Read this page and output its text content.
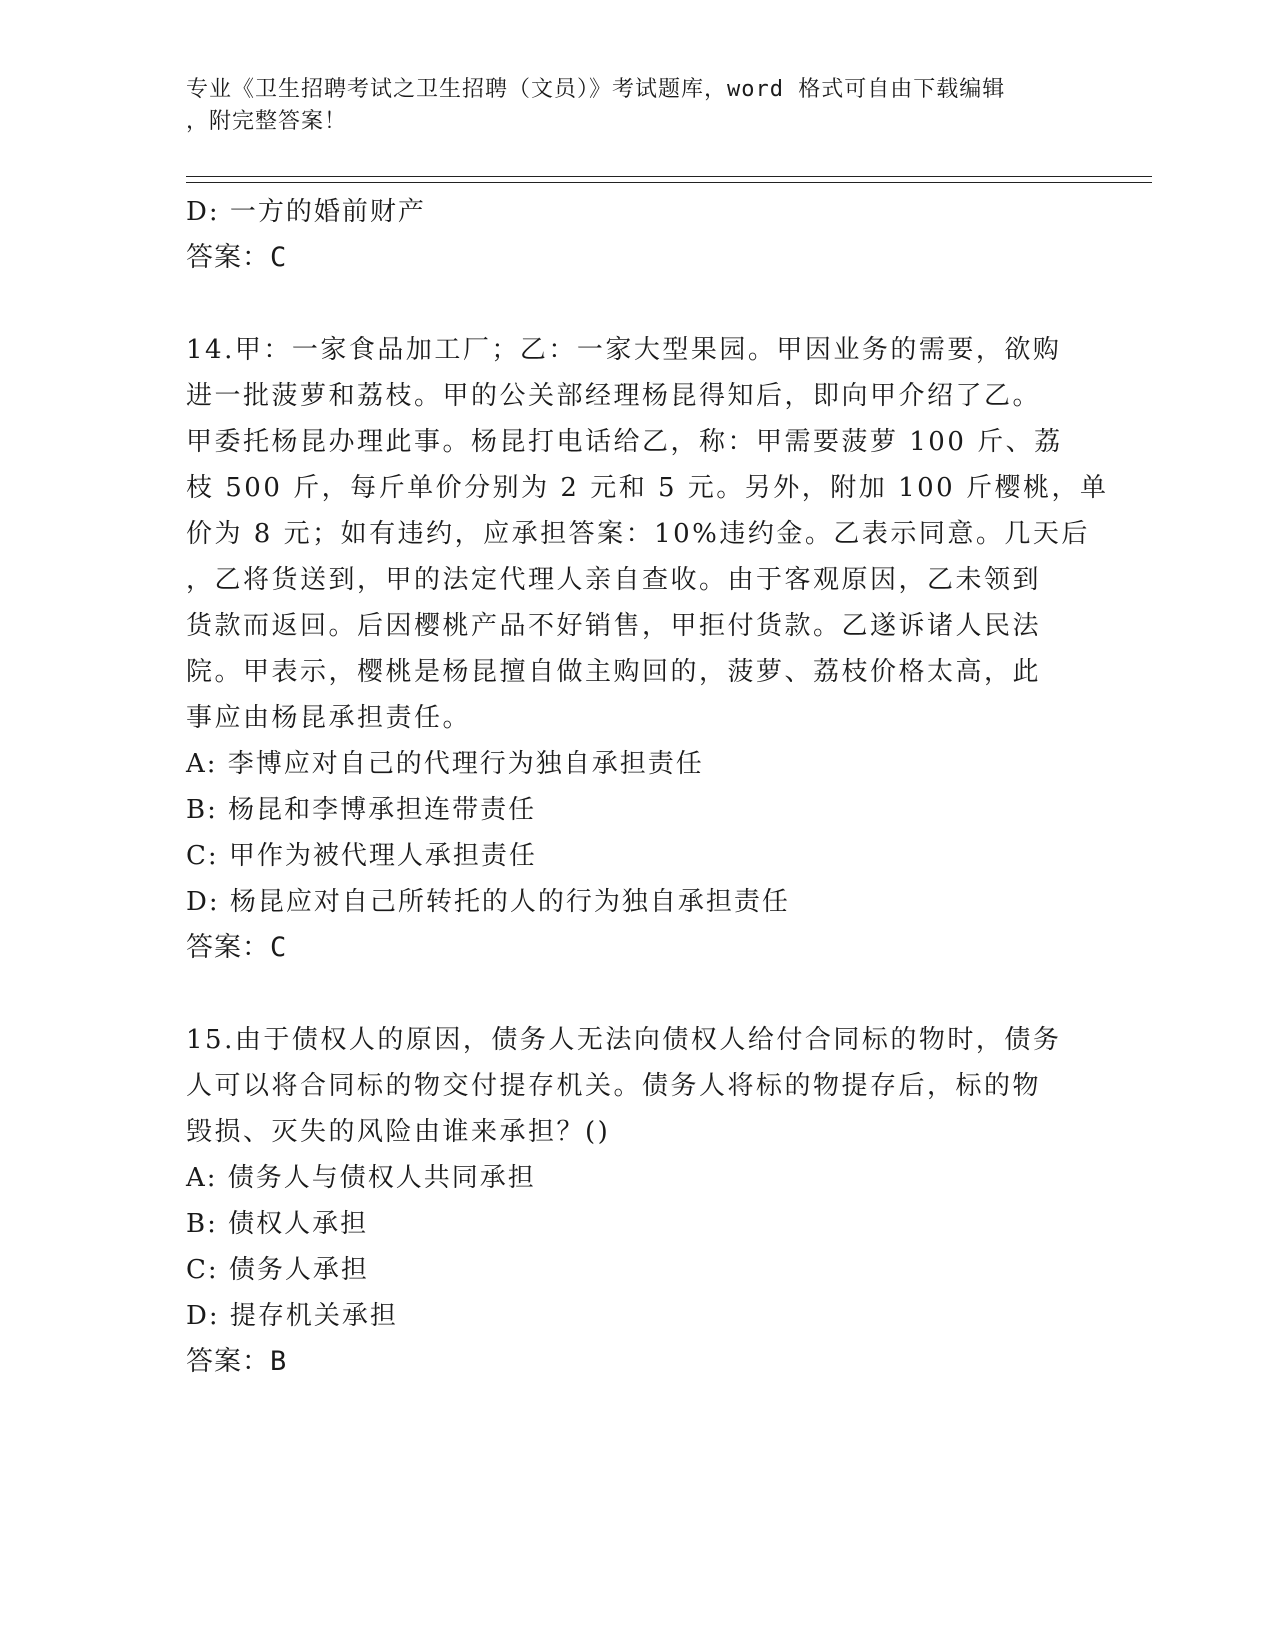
专业《卫生招聘考试之卫生招聘（文员）》考试题库，word 格式可自由下载编辑
，附完整答案！
D: 一方的婚前财产
答案：C
14.甲：一家食品加工厂；乙：一家大型果园。甲因业务的需要，欲购
进一批菠萝和荔枝。甲的公关部经理杨昆得知后，即向甲介绍了乙。
甲委托杨昆办理此事。杨昆打电话给乙，称：甲需要菠萝 100 斤、荔
枝 500 斤，每斤单价分别为 2 元和 5 元。另外，附加 100 斤樱桃，单
价为 8 元；如有违约，应承担答案：10%违约金。乙表示同意。几天后
，乙将货送到，甲的法定代理人亲自查收。由于客观原因，乙未领到
货款而返回。后因樱桃产品不好销售，甲拒付货款。乙遂诉诸人民法
院。甲表示，樱桃是杨昆擅自做主购回的，菠萝、荔枝价格太高，此
事应由杨昆承担责任。
A: 李博应对自己的代理行为独自承担责任
B: 杨昆和李博承担连带责任
C: 甲作为被代理人承担责任
D: 杨昆应对自己所转托的人的行为独自承担责任
答案：C
15.由于债权人的原因，债务人无法向债权人给付合同标的物时，债务
人可以将合同标的物交付提存机关。债务人将标的物提存后，标的物
毁损、灭失的风险由谁来承担？()
A: 债务人与债权人共同承担
B: 债权人承担
C: 债务人承担
D: 提存机关承担
答案：B
